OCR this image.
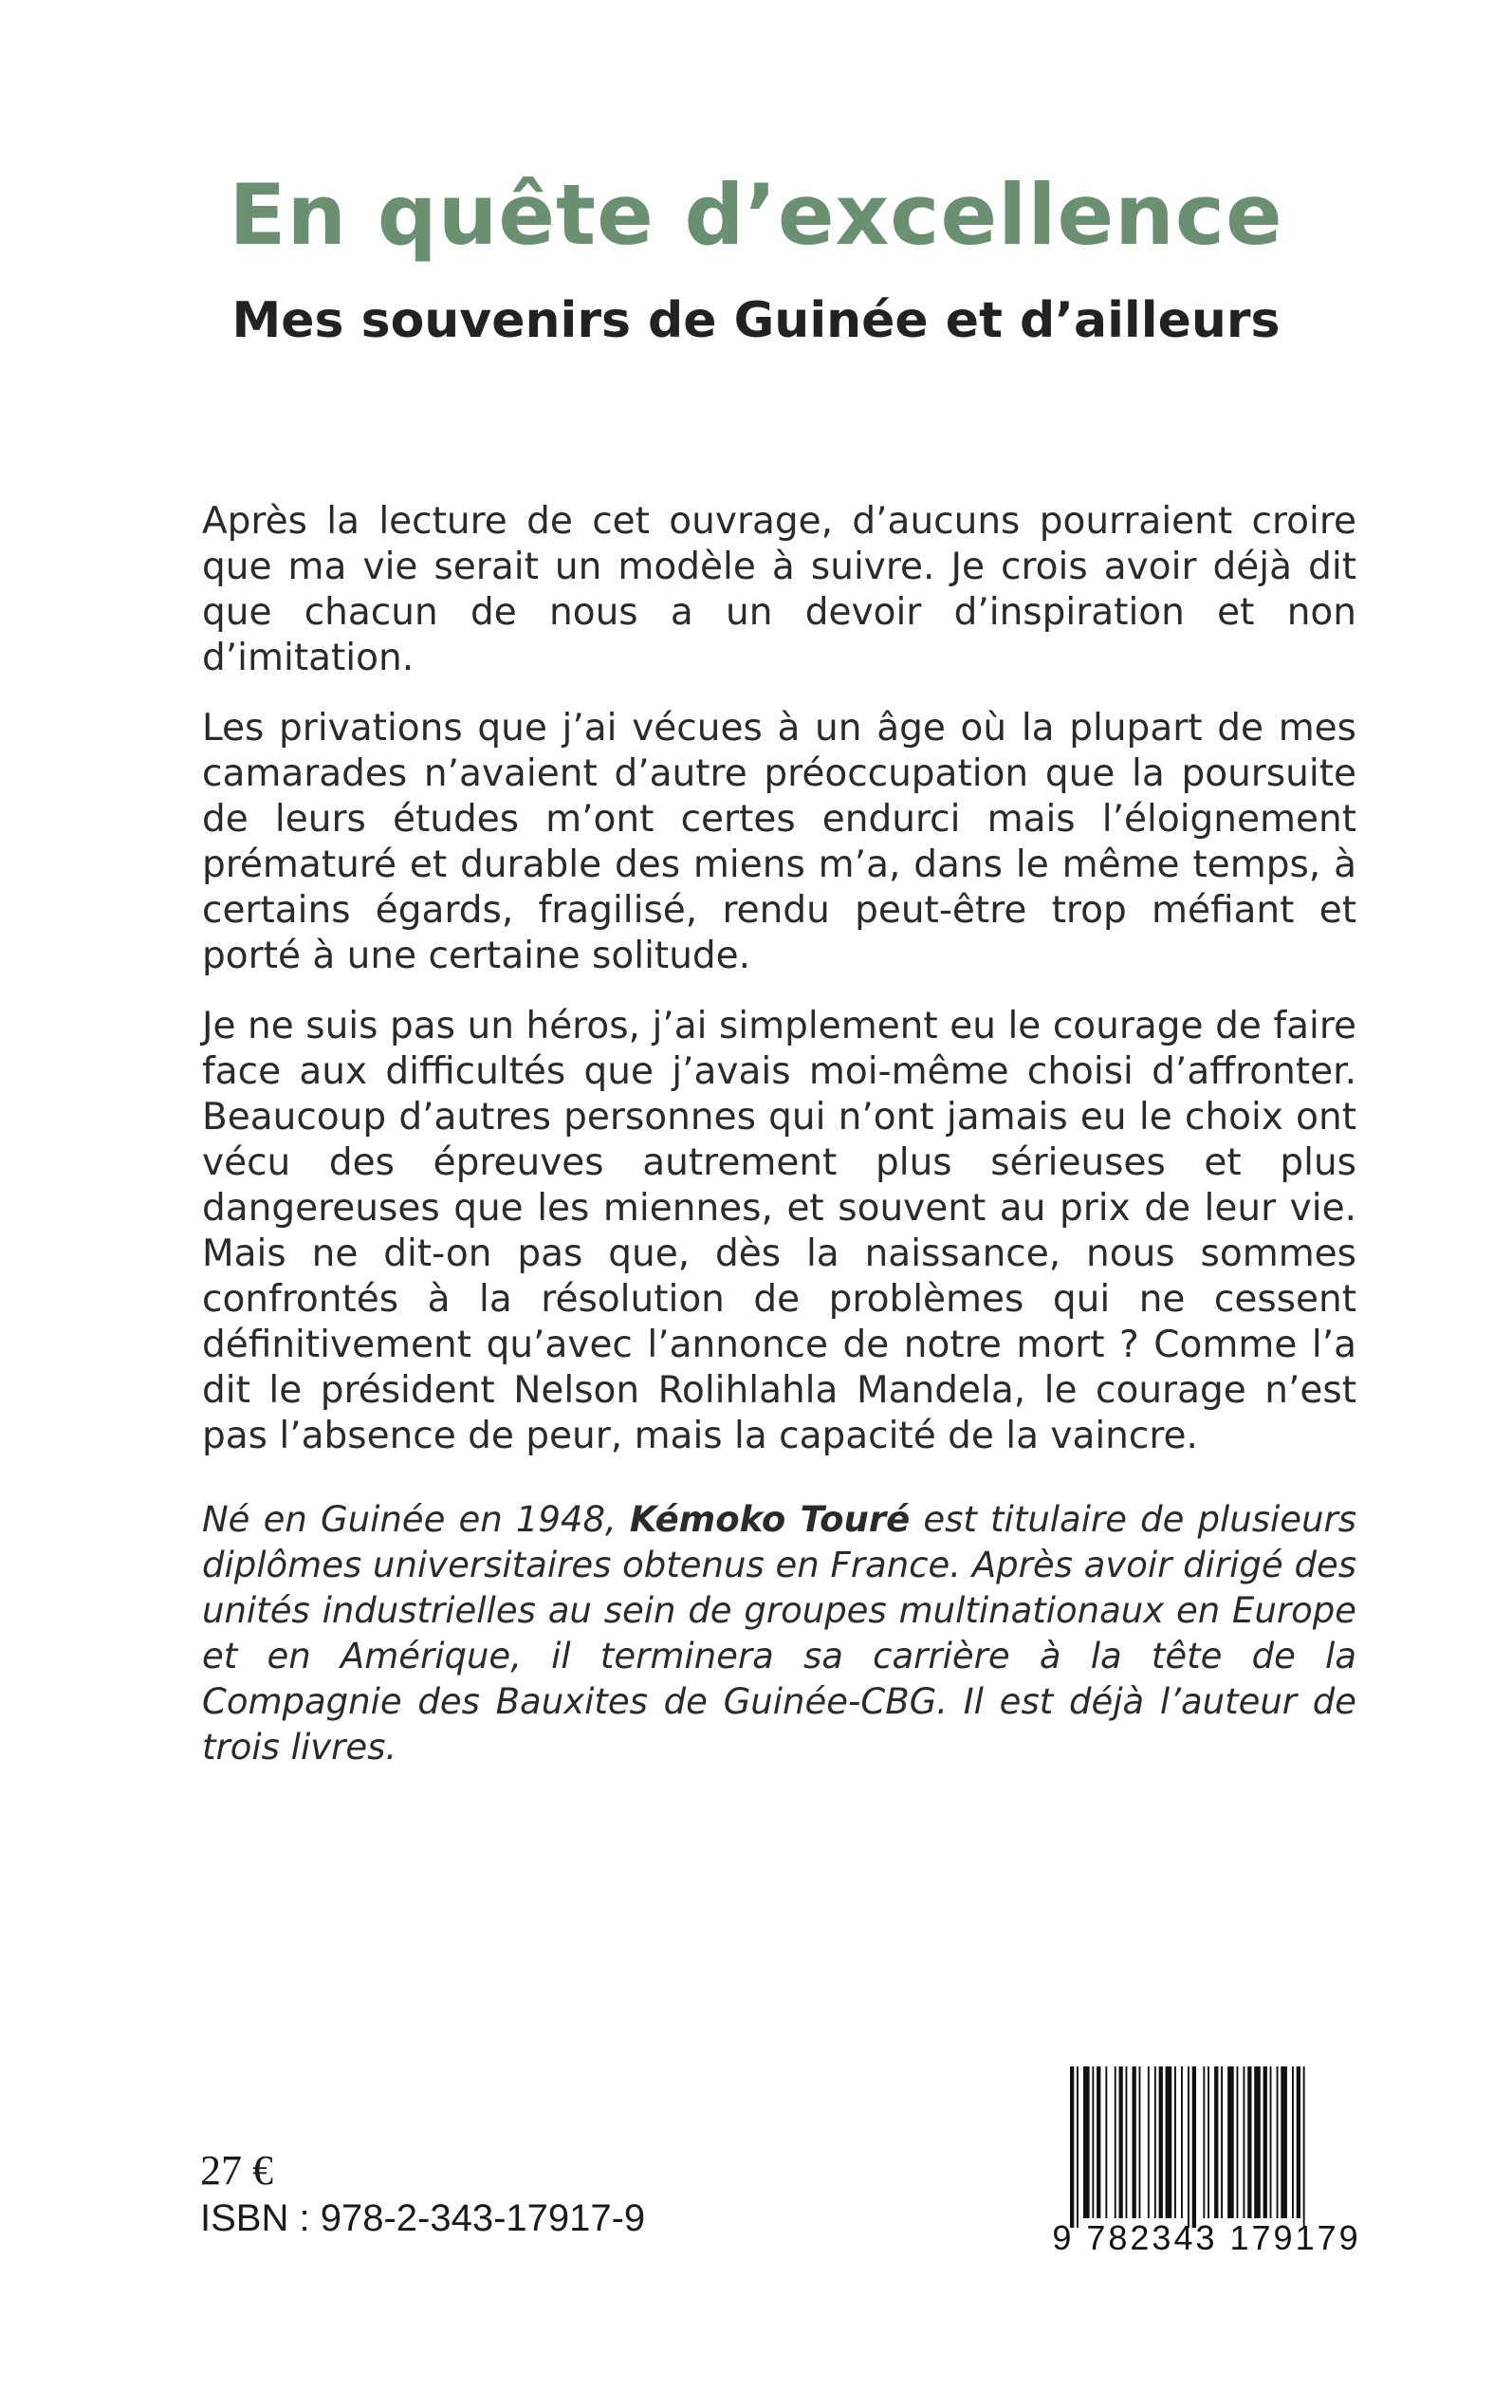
En quête d’excellence
Mes souvenirs de Guinée et d’ailleurs

Après la lecture de cet ouvrage, d’aucuns pourraient croire que ma vie serait un modèle à suivre. Je crois avoir déjà dit que chacun de nous a un devoir d’inspiration et non d’imitation.

Les privations que j’ai vécues à un âge où la plupart de mes camarades n’avaient d’autre préoccupation que la poursuite de leurs études m’ont certes endurci mais l’éloignement prématuré et durable des miens m’a, dans le même temps, à certains égards, fragilisé, rendu peut-être trop méfiant et porté à une certaine solitude.

Je ne suis pas un héros, j’ai simplement eu le courage de faire face aux difficultés que j’avais moi-même choisi d’affronter. Beaucoup d’autres personnes qui n’ont jamais eu le choix ont vécu des épreuves autrement plus sérieuses et plus dangereuses que les miennes, et souvent au prix de leur vie. Mais ne dit-on pas que, dès la naissance, nous sommes confrontés à la résolution de problèmes qui ne cessent définitivement qu’avec l’annonce de notre mort ? Comme l’a dit le président Nelson Rolihlahla Mandela, le courage n’est pas l’absence de peur, mais la capacité de la vaincre.

Né en Guinée en 1948, Kémoko Touré est titulaire de plusieurs diplômes universitaires obtenus en France. Après avoir dirigé des unités industrielles au sein de groupes multinationaux en Europe et en Amérique, il terminera sa carrière à la tête de la Compagnie des Bauxites de Guinée-CBG. Il est déjà l’auteur de trois livres.

27 €

ISBN : 978-2-343-17917-9	9 782343 179179
